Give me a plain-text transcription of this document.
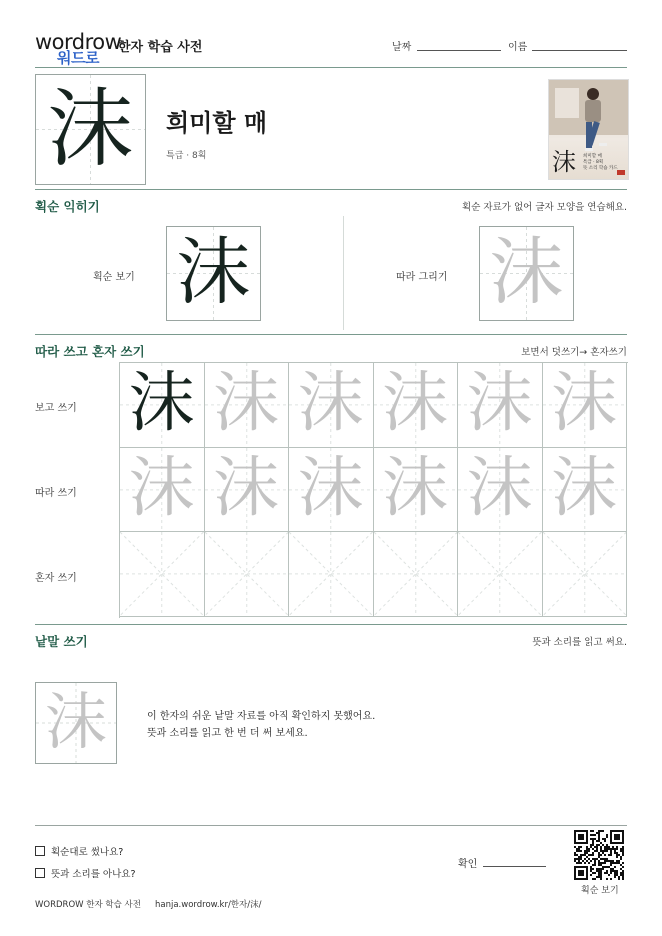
wordrow
워드로
한자 학습 사전	날짜	이름
沫	희미할 매
특급 · 8획	沫 희미할 매
특급 · 8획
뜻 소리 학습 카드
획순 익히기	획순 자료가 없어 글자 모양을 연습해요.
획순 보기 沫	따라 그리기 沫
따라 쓰고 혼자 쓰기	보면서 덧쓰기→ 혼자쓰기
보고 쓰기
따라 쓰기
혼자 쓰기
沫 沫 沫 沫 沫 沫
沫 沫 沫 沫 沫 沫
낱말 쓰기	뜻과 소리를 읽고 써요.
沫	이 한자의 쉬운 낱말 자료를 아직 확인하지 못했어요.
뜻과 소리를 읽고 한 번 더 써 보세요.
획순대로 썼나요?
뜻과 소리를 아나요?
확인
획순 보기
WORDROW 한자 학습 사전 hanja.wordrow.kr/한자/沫/
